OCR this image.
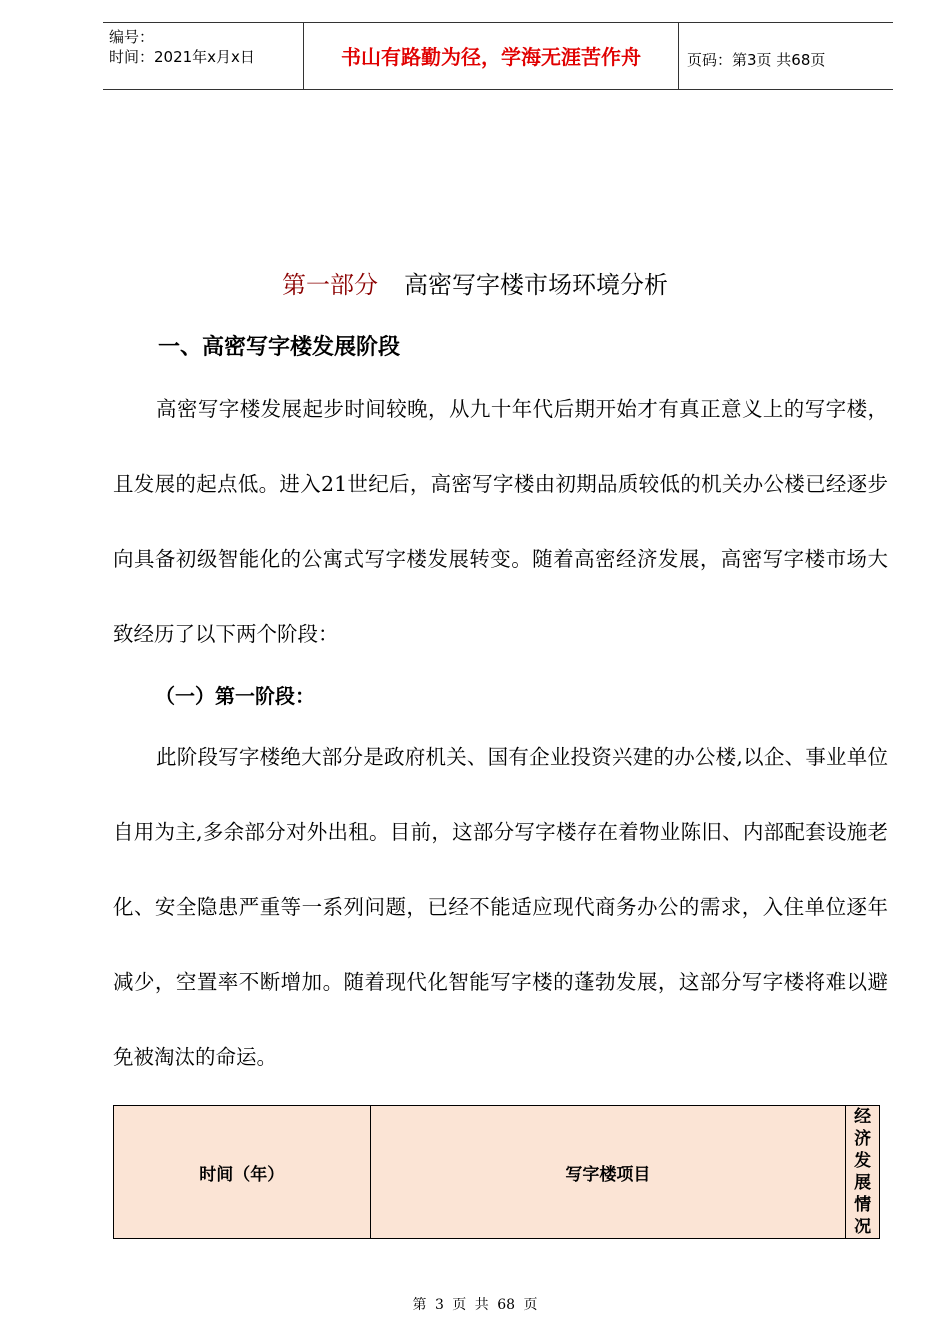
编号：
时间：2021年x月x日	书山有路勤为径，学海无涯苦作舟	页码：第3页 共68页
第一部分 高密写字楼市场环境分析
一、高密写字楼发展阶段
高密写字楼发展起步时间较晚，从九十年代后期开始才有真正意义上的写字楼，且发展的起点低。进入21世纪后，高密写字楼由初期品质较低的机关办公楼已经逐步向具备初级智能化的公寓式写字楼发展转变。随着高密经济发展，高密写字楼市场大致经历了以下两个阶段：
（一）第一阶段：
此阶段写字楼绝大部分是政府机关、国有企业投资兴建的办公楼,以企、事业单位自用为主,多余部分对外出租。目前，这部分写字楼存在着物业陈旧、内部配套设施老化、安全隐患严重等一系列问题，已经不能适应现代商务办公的需求，入住单位逐年减少，空置率不断增加。随着现代化智能写字楼的蓬勃发展，这部分写字楼将难以避免被淘汰的命运。
时间（年）	写字楼项目	经济发展情况
第 3 页 共 68 页
